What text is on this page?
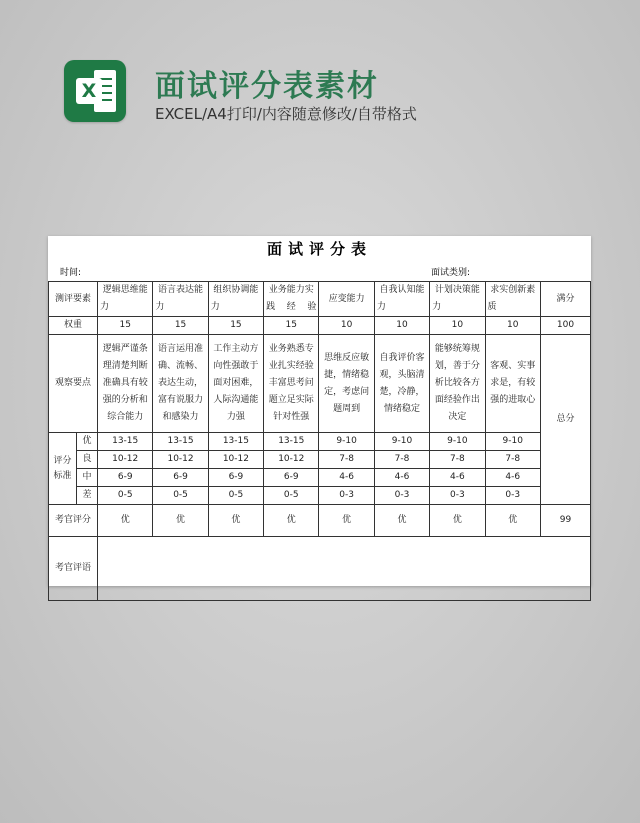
X 面试评分表素材
EXCEL/A4打印/内容随意修改/自带格式
面试评分表
时间:	面试类别:
测评要素		逻辑思维能　力	语言表达能　力	组织协调能　力	业务能力实践经验	应变能力	自我认知能　力	计划决策能　力	求实创新素　质	满分
权重		15	15	15	15	10	10	10	10	100
观察要点		逻辑严谨条理清楚判断准确具有较强的分析和综合能力	语言运用准确、流畅、表达生动，富有说服力和感染力	工作主动方向性强敢于面对困难，人际沟通能力强	业务熟悉专业扎实经验丰富思考问题立足实际针对性强	思维反应敏捷，情绪稳定，考虑问题周到	自我评价客观，头脑清楚，冷静，情绪稳定	能够统筹规划，善于分析比较各方面经验作出决定	客观、实事求是，有较强的进取心	总分
评分
标准	优	13-15	13-15	13-15	13-15	9-10	9-10	9-10	9-10	
	良	10-12	10-12	10-12	10-12	7-8	7-8	7-8	7-8	
	中	6-9	6-9	6-9	6-9	4-6	4-6	4-6	4-6	
	差	0-5	0-5	0-5	0-5	0-3	0-3	0-3	0-3	
考官评分		优	优	优	优	优	优	优	优	99
考官评语										
